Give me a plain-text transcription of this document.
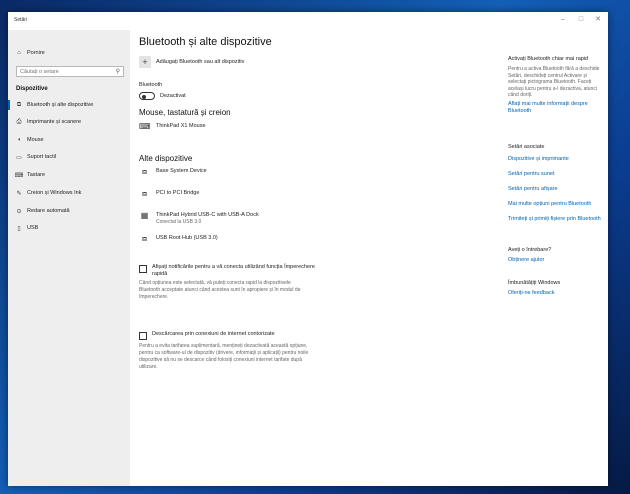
Setări	–	□	✕
⌂	Pornire
Căutați o setare
⚲
Dispozitive
⧉	Bluetooth și alte dispozitive
⎙	Imprimante și scanere
◖	Mouse
▭ Suport tactil
⌨ Tastare
✎ Creion și Windows Ink
⊙ Redare automată
▯	USB
Bluetooth și alte dispozitive
+	Adăugați Bluetooth sau alt dispozitiv
Bluetooth
Dezactivat
Mouse, tastatură și creion
⌨ ThinkPad X1 Mouse
Alte dispozitive
⧈	Base System Device
⧈	PCI to PCI Bridge
▦	ThinkPad Hybrid USB-C with USB-A Dock
Conectat la USB 3.0
⧈	USB Root Hub (USB 3.0)
Afișați notificările pentru a vă conecta utilizând funcția Împerechere rapidă
Când opțiunea este selectată, vă puteți conecta rapid la dispozitivele Bluetooth acceptate atunci când acestea sunt în apropiere și în modul de împerechere.
Descărcarea prin conexiuni de internet contorizate
Pentru a evita tarifarea suplimentară, mențineți dezactivată această opțiune, pentru ca software-ul de dispozitiv (drivere, informații și aplicații) pentru noile dispozitive să nu se descarce când folosiți conexiuni internet tarifate după utilizare.
Activați Bluetooth chiar mai rapid
Pentru a activa Bluetooth fără a deschide Setări, deschideți centrul Activare și selectați pictograma Bluetooth. Faceți același lucru pentru a-l dezactiva, atunci când doriți.
Aflați mai multe informații despre Bluetooth
Setări asociate
Dispozitive și imprimante
Setări pentru sunet
Setări pentru afișare
Mai multe opțiuni pentru Bluetooth
Trimiteți și primiți fișiere prin Bluetooth
Aveți o întrebare?
Obținere ajutor
Îmbunătățiți Windows
Oferiți-ne feedback
